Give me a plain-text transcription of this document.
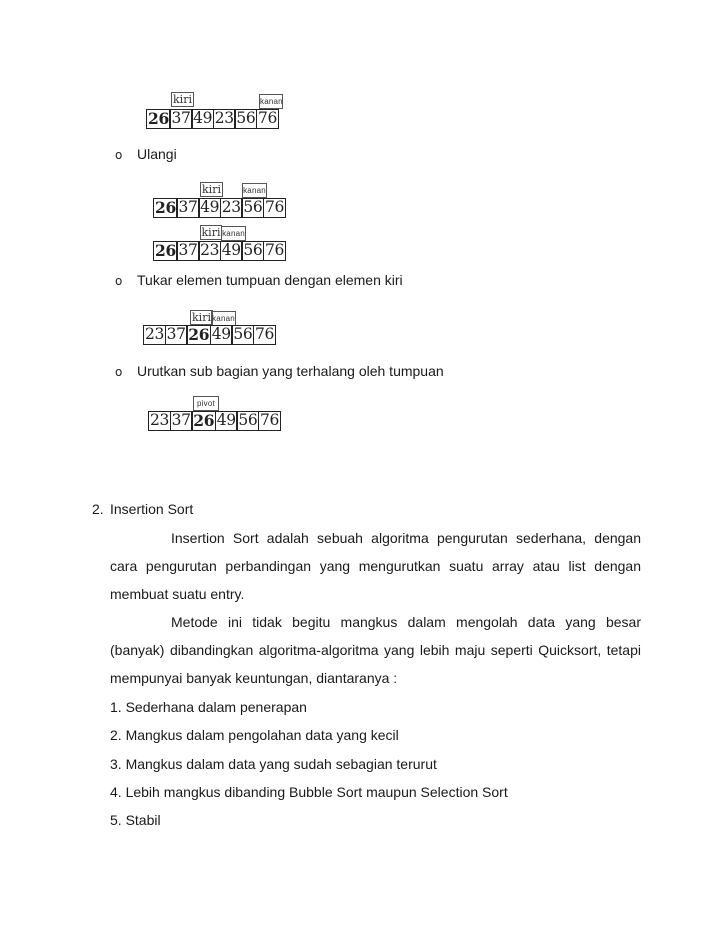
kiri	kanan
26 37 49 23 56 76
o Ulangi
kiri	kanan
26 37 49 23 56 76
kiri kanan
26 37 23 49 56 76
o Tukar elemen tumpuan dengan elemen kiri
kiri kanan
23 37 26 49 56 76
o Urutkan sub bagian yang terhalang oleh tumpuan
pivot
23 37 26 49 56 76
2. Insertion Sort
Insertion Sort adalah sebuah algoritma pengurutan sederhana, dengan
cara pengurutan perbandingan yang mengurutkan suatu array atau list dengan
membuat suatu entry.
Metode ini tidak begitu mangkus dalam mengolah data yang besar
(banyak) dibandingkan algoritma-algoritma yang lebih maju seperti Quicksort, tetapi
mempunyai banyak keuntungan, diantaranya :
1. Sederhana dalam penerapan
2. Mangkus dalam pengolahan data yang kecil
3. Mangkus dalam data yang sudah sebagian terurut
4. Lebih mangkus dibanding Bubble Sort maupun Selection Sort
5. Stabil
